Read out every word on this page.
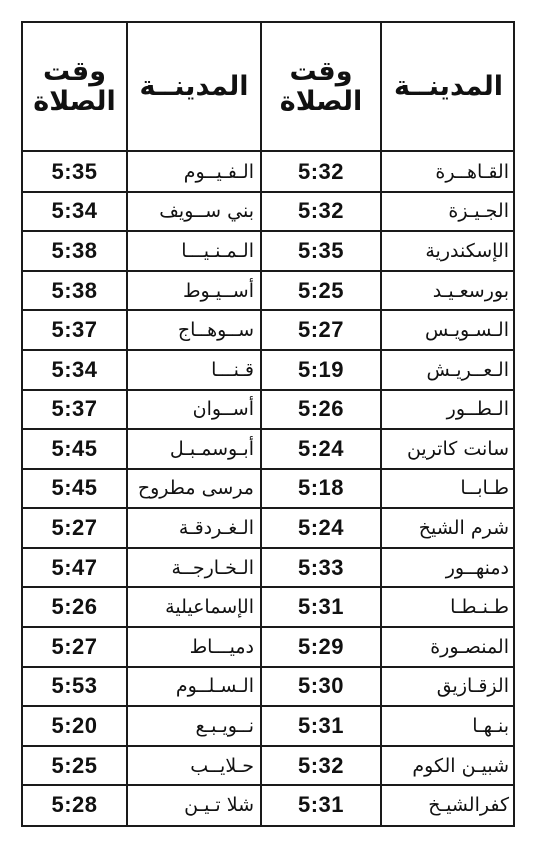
المدينــة
وقت الصلاة
المدينــة
وقت الصلاة
القـاهــرة
5:32
الـفـيــوم
5:35
الجـيـزة
5:32
بني ســويف
5:34
الإسكندرية
5:35
الـمـنـيـــا
5:38
بورسعـيـد
5:25
أســيـوط
5:38
الـسـويـس
5:27
ســوهــاج
5:37
الـعــريـش
5:19
قـنـــا
5:34
الـطــور
5:26
أســوان
5:37
سانت كاترين
5:24
أبـوسمـبـل
5:45
طـابــا
5:18
مرسى مطروح
5:45
شرم الشيخ
5:24
الـغـردقـة
5:27
دمنهــور
5:33
الـخـارجــة
5:47
طـنـطـا
5:31
الإسماعيلية
5:26
المنصـورة
5:29
دميـــاط
5:27
الزقـازيق
5:30
الـسـلــوم
5:53
بنـهـا
5:31
نــويـبـع
5:20
شبيـن الكوم
5:32
حـلايــب
5:25
كفرالشيـخ
5:31
شلا تـيـن
5:28
